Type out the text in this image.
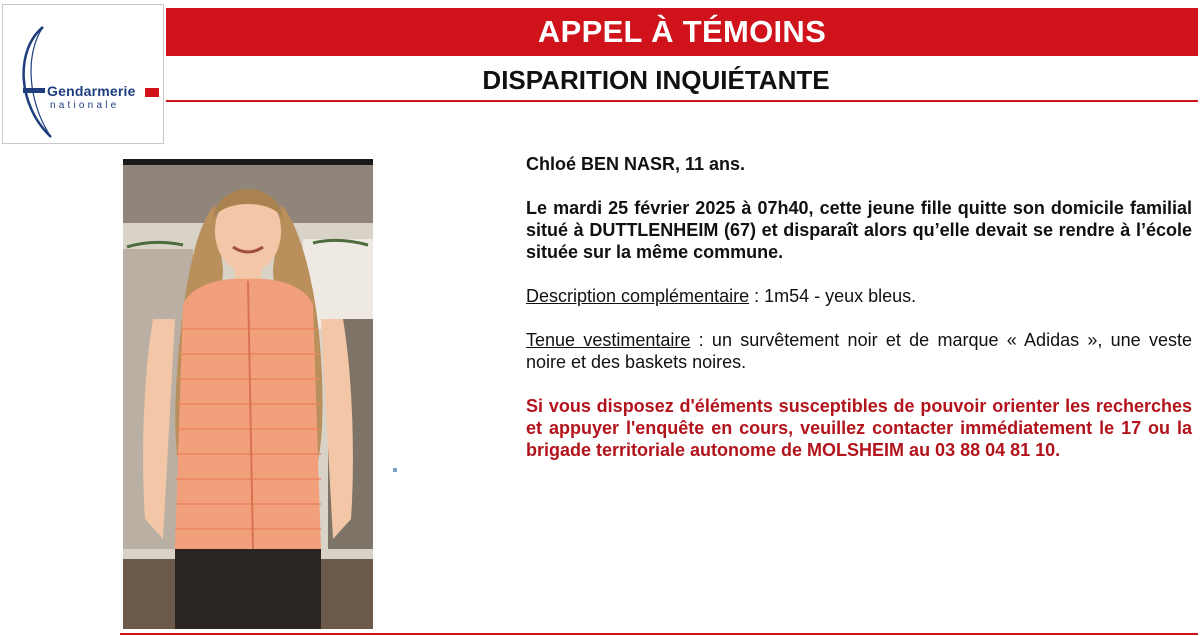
Gendarmerie
nationale
APPEL À TÉMOINS
DISPARITION INQUIÉTANTE

Chloé BEN NASR, 11 ans.

Le mardi 25 février 2025 à 07h40, cette jeune fille quitte son domicile familial situé à DUTTLENHEIM (67) et disparaît alors qu’elle devait se rendre à l’école située sur la même commune.

Description complémentaire : 1m54 - yeux bleus.

Tenue vestimentaire : un survêtement noir et de marque « Adidas », une veste noire et des baskets noires.

Si vous disposez d'éléments susceptibles de pouvoir orienter les recherches et appuyer l'enquête en cours, veuillez contacter immédiatement le 17 ou la brigade territoriale autonome de MOLSHEIM au 03 88 04 81 10.
